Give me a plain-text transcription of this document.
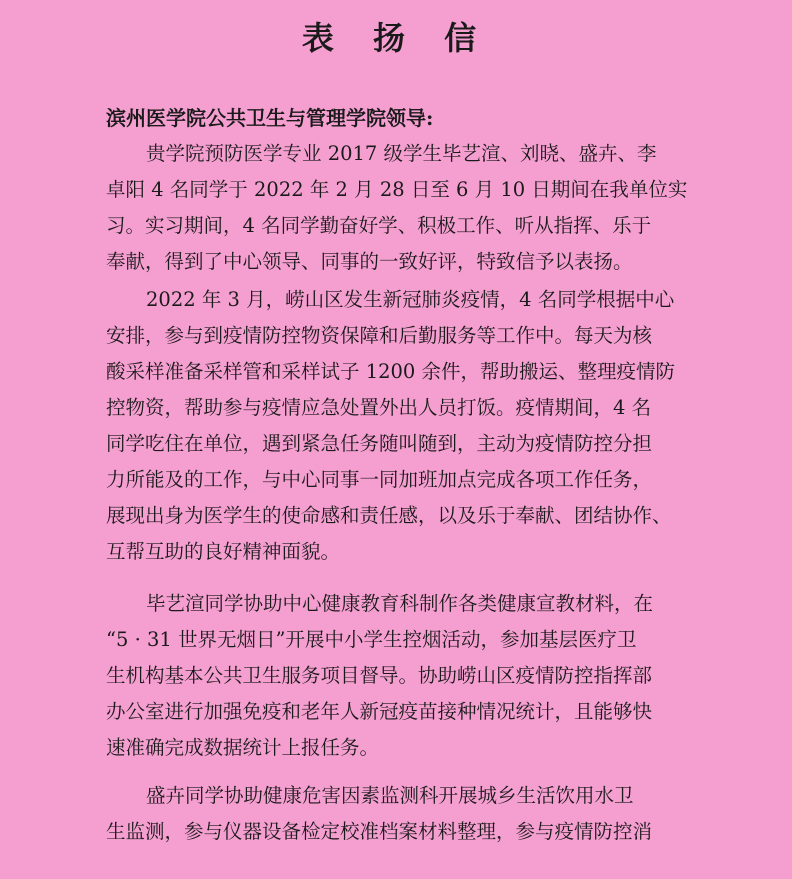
表 扬 信
滨州医学院公共卫生与管理学院领导:
贵学院预防医学专业 2017 级学生毕艺渲、刘晓、盛卉、李
卓阳 4 名同学于 2022 年 2 月 28 日至 6 月 10 日期间在我单位实
习。实习期间，4 名同学勤奋好学、积极工作、听从指挥、乐于
奉献，得到了中心领导、同事的一致好评，特致信予以表扬。
2022 年 3 月，崂山区发生新冠肺炎疫情，4 名同学根据中心
安排，参与到疫情防控物资保障和后勤服务等工作中。每天为核
酸采样准备采样管和采样试子 1200 余件，帮助搬运、整理疫情防
控物资，帮助参与疫情应急处置外出人员打饭。疫情期间，4 名
同学吃住在单位，遇到紧急任务随叫随到，主动为疫情防控分担
力所能及的工作，与中心同事一同加班加点完成各项工作任务，
展现出身为医学生的使命感和责任感，以及乐于奉献、团结协作、
互帮互助的良好精神面貌。
毕艺渲同学协助中心健康教育科制作各类健康宣教材料，在
“5 · 31 世界无烟日”开展中小学生控烟活动，参加基层医疗卫
生机构基本公共卫生服务项目督导。协助崂山区疫情防控指挥部
办公室进行加强免疫和老年人新冠疫苗接种情况统计，且能够快
速准确完成数据统计上报任务。
盛卉同学协助健康危害因素监测科开展城乡生活饮用水卫
生监测，参与仪器设备检定校准档案材料整理，参与疫情防控消
